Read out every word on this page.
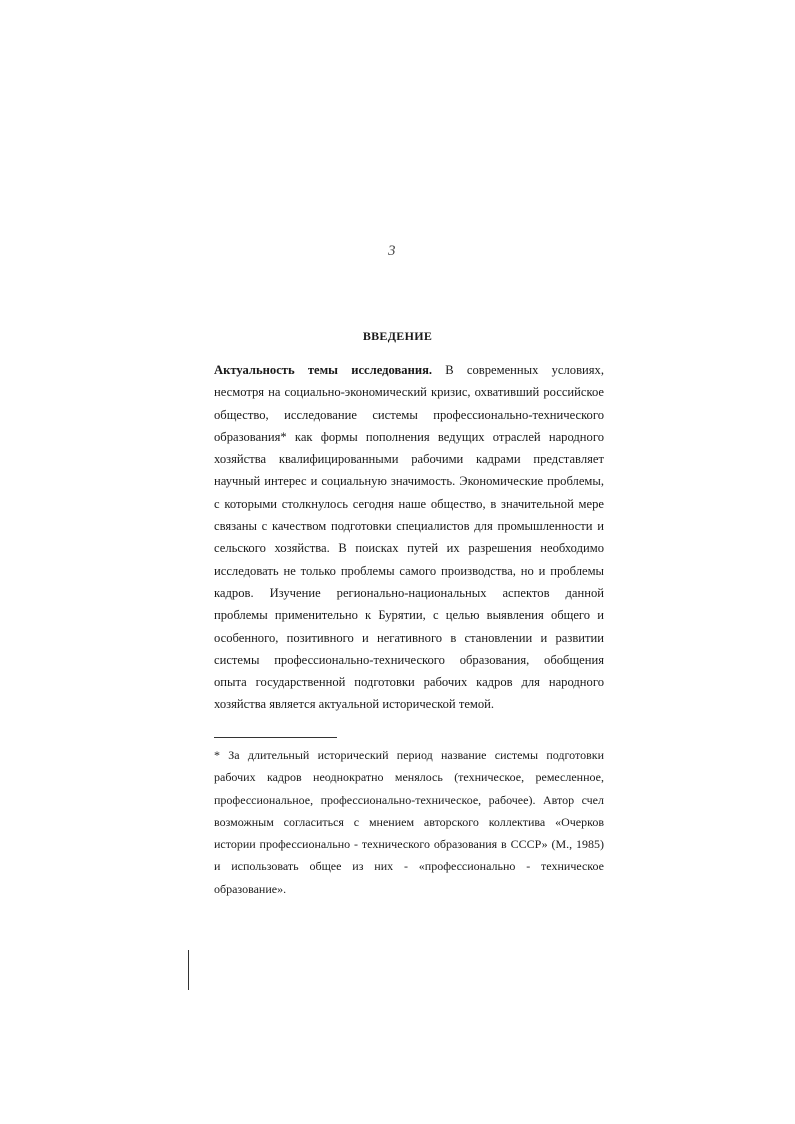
3
ВВЕДЕНИЕ
Актуальность темы исследования. В современных условиях, несмотря на социально-экономический кризис, охвативший российское общество, исследование системы профессионально-технического образования* как формы пополнения ведущих отраслей народного хозяйства квалифицированными рабочими кадрами представляет научный интерес и социальную значимость. Экономические проблемы, с которыми столкнулось сегодня наше общество, в значительной мере связаны с качеством подготовки специалистов для промышленности и сельского хозяйства. В поисках путей их разрешения необходимо исследовать не только проблемы самого производства, но и проблемы кадров. Изучение регионально-национальных аспектов данной проблемы применительно к Бурятии, с целью выявления общего и особенного, позитивного и негативного в становлении и развитии системы профессионально-технического образования, обобщения опыта государственной подготовки рабочих кадров для народного хозяйства является актуальной исторической темой.
* За длительный исторический период название системы подготовки рабочих кадров неоднократно менялось (техническое, ремесленное, профессиональное, профессионально-техническое, рабочее). Автор счел возможным согласиться с мнением авторского коллектива «Очерков истории профессионально - технического образования в СССР» (М., 1985) и использовать общее из них - «профессионально - техническое образование».
